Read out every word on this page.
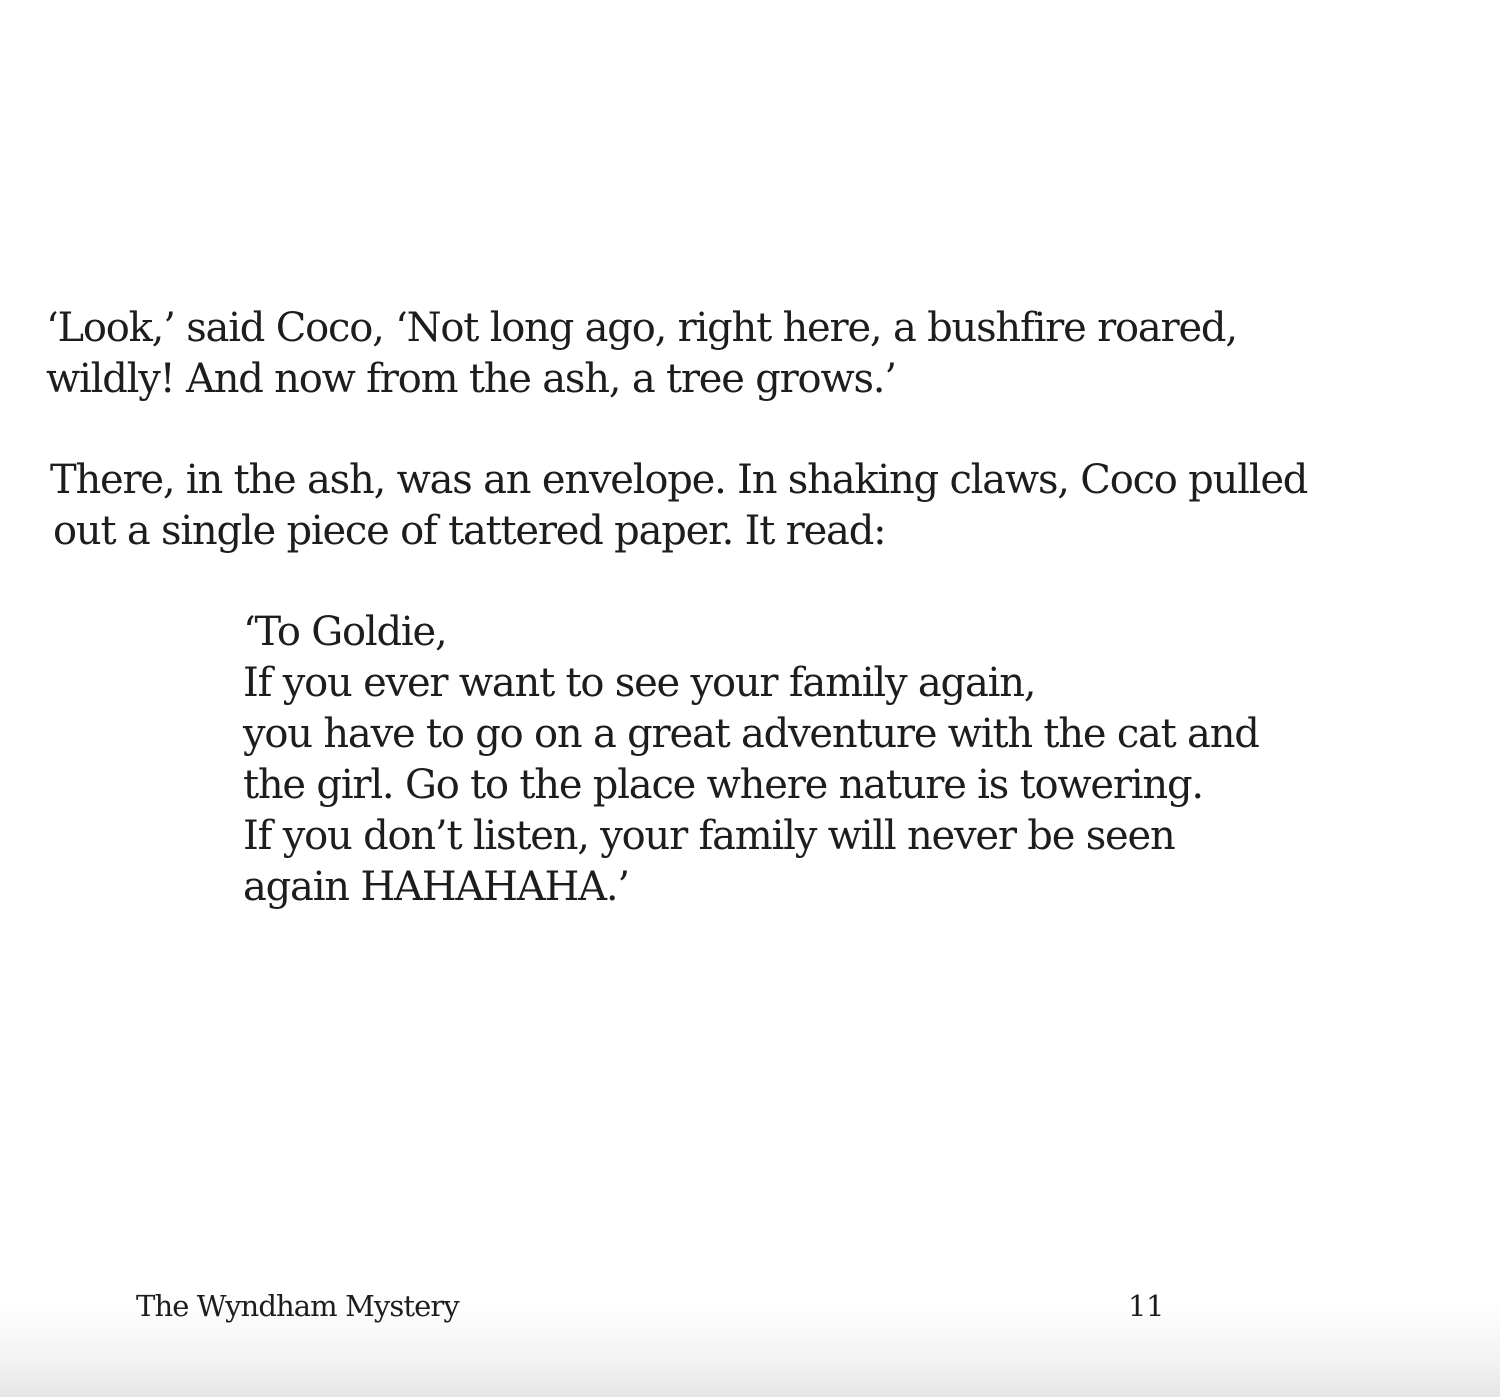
‘Look,’ said Coco, ‘Not long ago, right here, a bushfire roared,
wildly! And now from the ash, a tree grows.’

There, in the ash, was an envelope. In shaking claws, Coco pulled
out a single piece of tattered paper. It read:

‘To Goldie,
If you ever want to see your family again,
you have to go on a great adventure with the cat and
the girl. Go to the place where nature is towering.
If you don’t listen, your family will never be seen
again HAHAHAHA.’
The Wyndham Mystery	11
